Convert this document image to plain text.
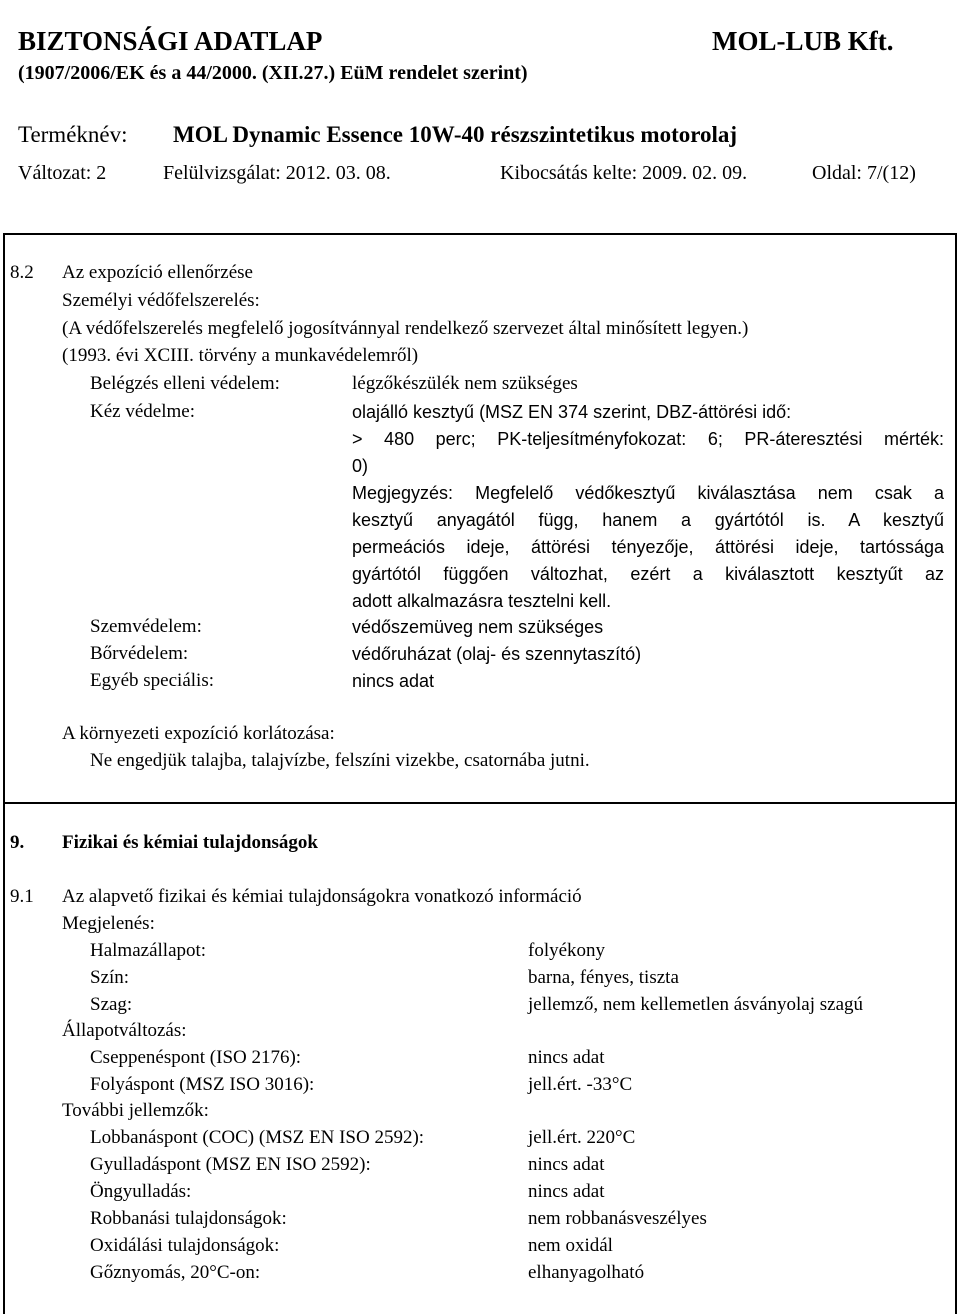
BIZTONSÁGI ADATLAP	MOL-LUB Kft.
(1907/2006/EK és a 44/2000. (XII.27.) EüM rendelet szerint)
Terméknév: MOL Dynamic Essence 10W-40 részszintetikus motorolaj
Változat: 2	Felülvizsgálat: 2012. 03. 08.	Kibocsátás kelte: 2009. 02. 09.	Oldal: 7/(12)
8.2 Az expozíció ellenőrzése
Személyi védőfelszerelés:
(A védőfelszerelés megfelelő jogosítvánnyal rendelkező szervezet által minősített legyen.)
(1993. évi XCIII. törvény a munkavédelemről)
Belégzés elleni védelem:	légzőkészülék nem szükséges
Kéz védelme:	olajálló kesztyű (MSZ EN 374 szerint, DBZ-áttörési idő:
> 480 perc; PK-teljesítményfokozat: 6; PR-áteresztési mérték:
0)
Megjegyzés: Megfelelő védőkesztyű kiválasztása nem csak a
kesztyű anyagától függ, hanem a gyártótól is. A kesztyű
permeációs ideje, áttörési tényezője, áttörési ideje, tartóssága
gyártótól függően változhat, ezért a kiválasztott kesztyűt az
adott alkalmazásra tesztelni kell.
Szemvédelem:	védőszemüveg nem szükséges
Bőrvédelem:	védőruházat (olaj- és szennytaszító)
Egyéb speciális:	nincs adat
A környezeti expozíció korlátozása:
Ne engedjük talajba, talajvízbe, felszíni vizekbe, csatornába jutni.
9. Fizikai és kémiai tulajdonságok
9.1 Az alapvető fizikai és kémiai tulajdonságokra vonatkozó információ
Megjelenés:
Halmazállapot:	folyékony
Szín:	barna, fényes, tiszta
Szag:	jellemző, nem kellemetlen ásványolaj szagú
Állapotváltozás:
Cseppenéspont (ISO 2176):	nincs adat
Folyáspont (MSZ ISO 3016):	jell.ért. -33°C
További jellemzők:
Lobbanáspont (COC) (MSZ EN ISO 2592):	jell.ért. 220°C
Gyulladáspont (MSZ EN ISO 2592):	nincs adat
Öngyulladás:	nincs adat
Robbanási tulajdonságok:	nem robbanásveszélyes
Oxidálási tulajdonságok:	nem oxidál
Gőznyomás, 20°C-on:	elhanyagolható
